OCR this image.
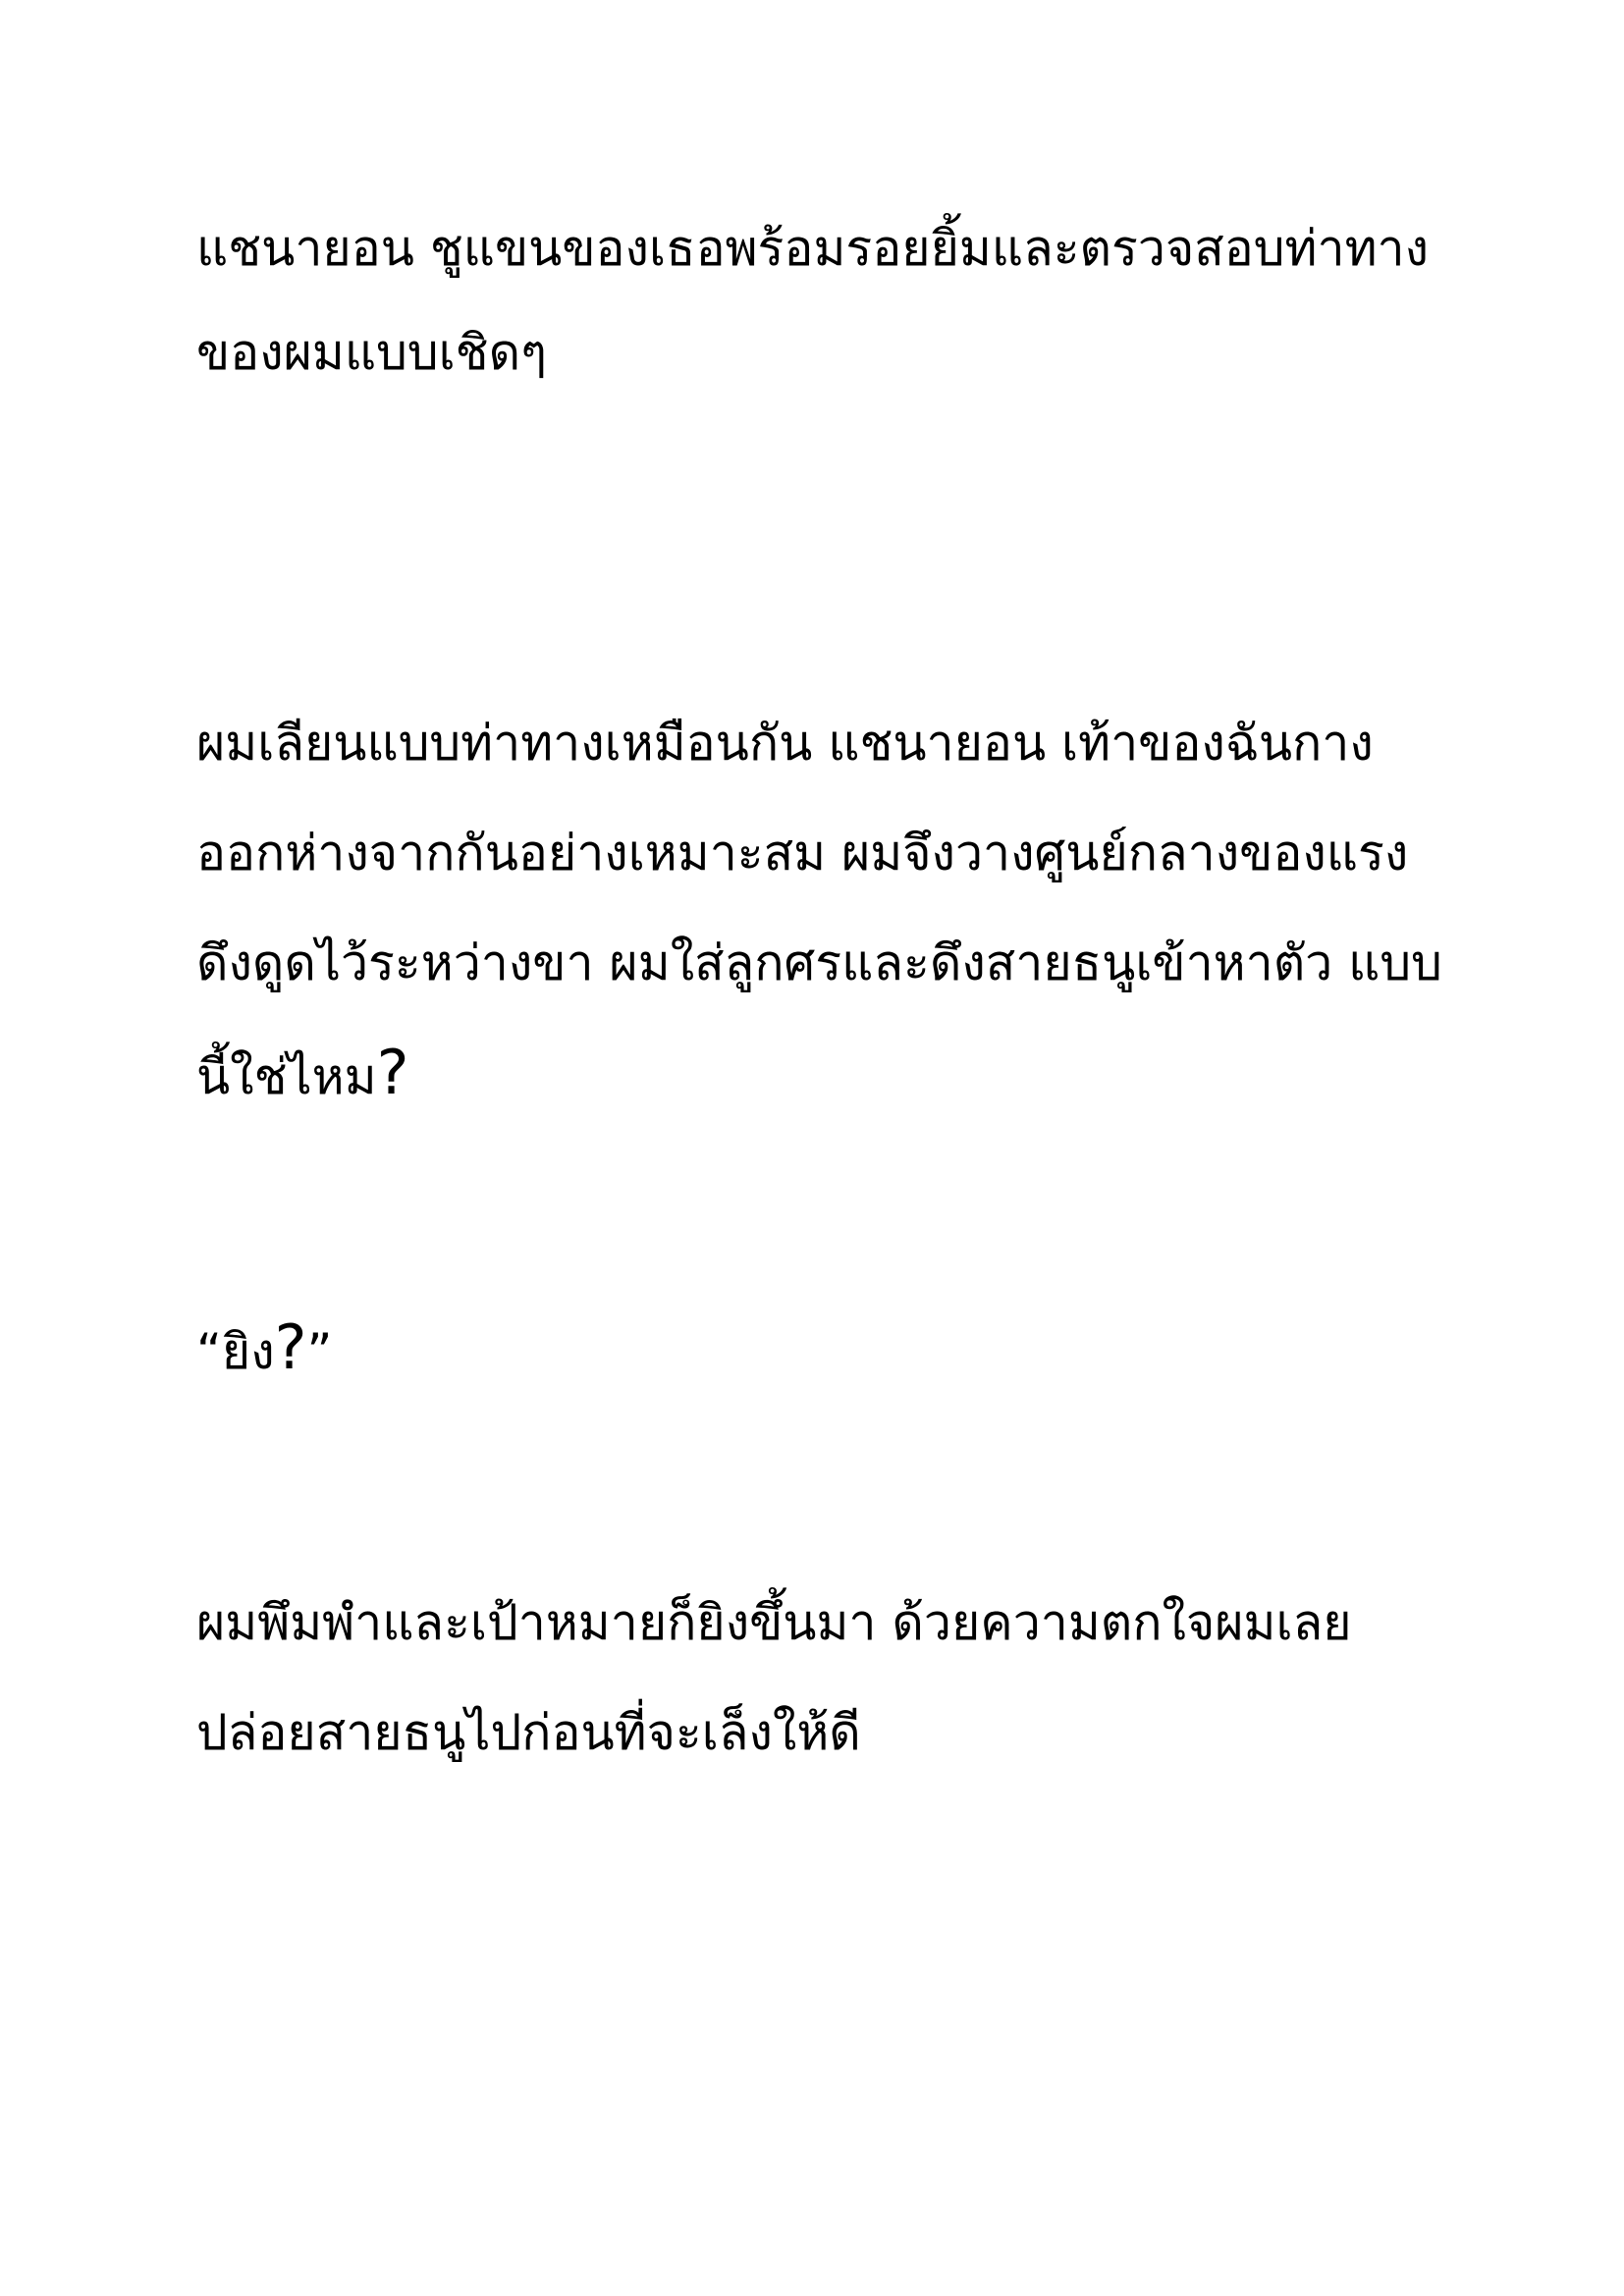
แชนายอน ชูแขนของเธอพร้อมรอยยิ้มและตรวจสอบท่าทาง
ของผมแบบเชิดๆ
ผมเลียนแบบท่าทางเหมือนกัน แชนายอน เท้าของฉันกาง
ออกห่างจากกันอย่างเหมาะสม ผมจึงวางศูนย์กลางของแรง
ดึงดูดไว้ระหว่างขา ผมใส่ลูกศรและดึงสายธนูเข้าหาตัว แบบ
นี้ใช่ไหม?
“ยิง?”
ผมพึมพำและเป้าหมายก็ยิงขึ้นมา ด้วยความตกใจผมเลย
ปล่อยสายธนูไปก่อนที่จะเล็งให้ดี
